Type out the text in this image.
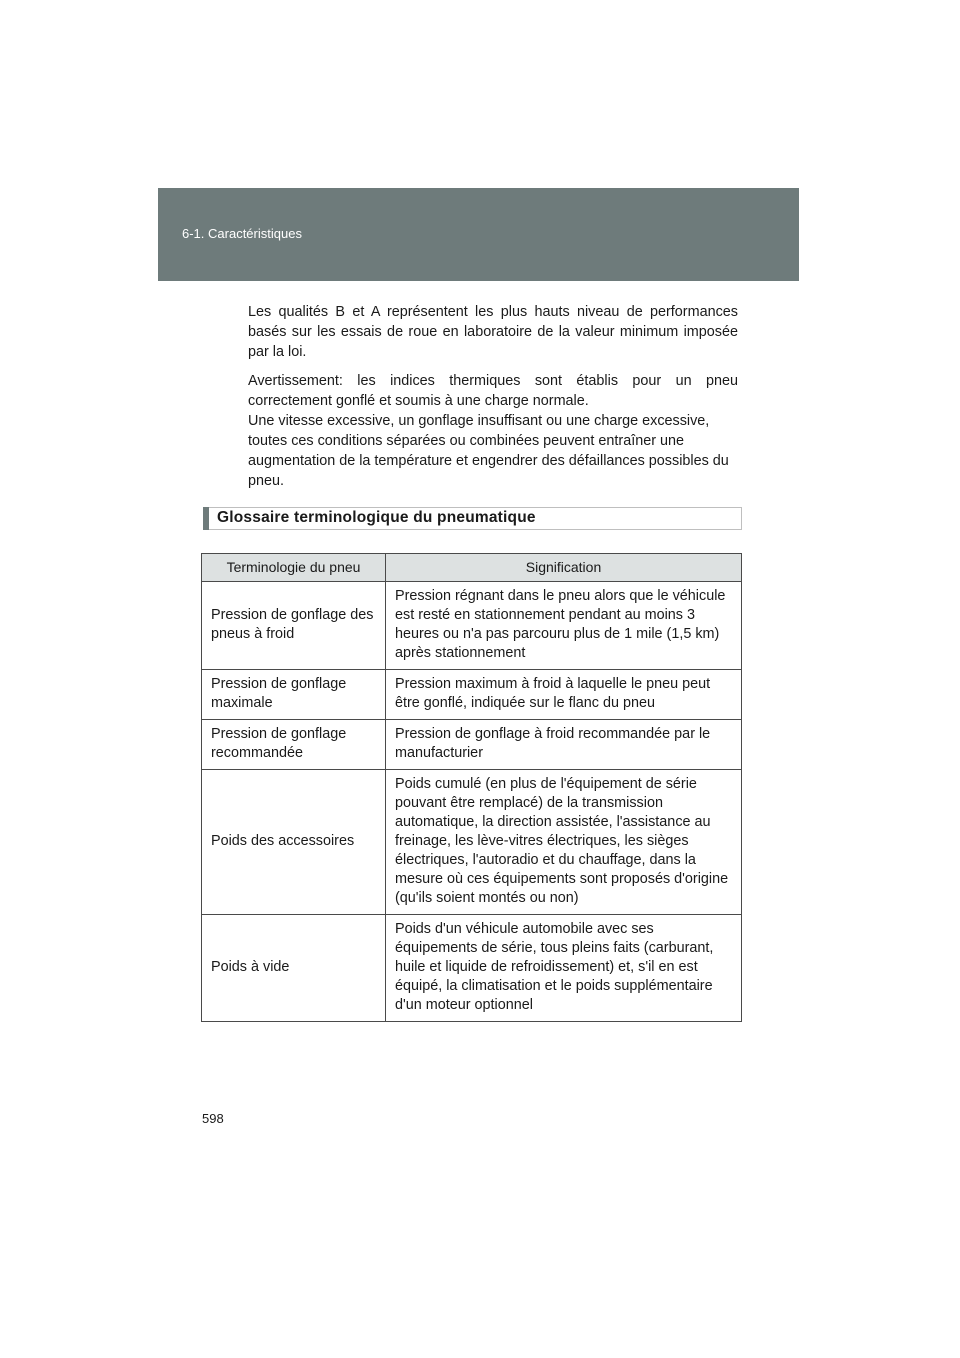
6-1. Caractéristiques

Les qualités B et A représentent les plus hauts niveau de performances basés sur les essais de roue en laboratoire de la valeur minimum imposée par la loi.

Avertissement: les indices thermiques sont établis pour un pneu correctement gonflé et soumis à une charge normale.
Une vitesse excessive, un gonflage insuffisant ou une charge excessive, toutes ces conditions séparées ou combinées peuvent entraîner une augmentation de la température et engendrer des défaillances possibles du pneu.

Glossaire terminologique du pneumatique
Terminologie du pneu	Signification
Pression de gonflage des pneus à froid	Pression régnant dans le pneu alors que le véhicule est resté en stationnement pendant au moins 3 heures ou n'a pas parcouru plus de 1 mile (1,5 km) après stationnement
Pression de gonflage maximale	Pression maximum à froid à laquelle le pneu peut être gonflé, indiquée sur le flanc du pneu
Pression de gonflage recommandée	Pression de gonflage à froid recommandée par le manufacturier
Poids des accessoires	Poids cumulé (en plus de l'équipement de série pouvant être remplacé) de la transmission automatique, la direction assistée, l'assistance au freinage, les lève-vitres électriques, les sièges électriques, l'autoradio et du chauffage, dans la mesure où ces équipements sont proposés d'origine (qu'ils soient montés ou non)
Poids à vide	Poids d'un véhicule automobile avec ses équipements de série, tous pleins faits (carburant, huile et liquide de refroidissement) et, s'il en est équipé, la climatisation et le poids supplémentaire d'un moteur optionnel
598
